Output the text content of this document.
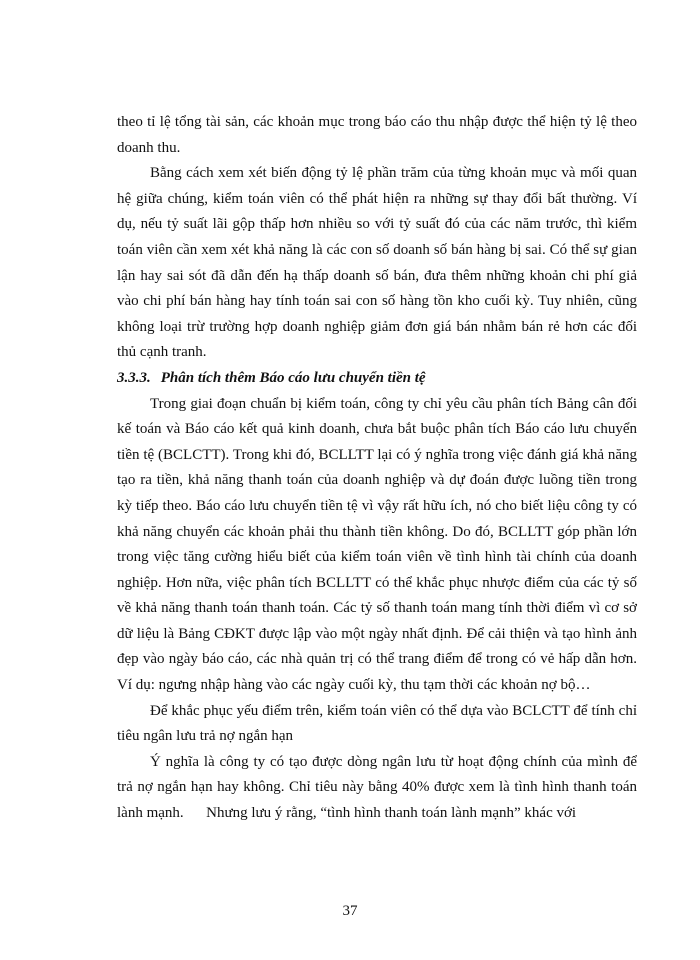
theo tỉ lệ tổng tài sản, các khoản mục trong báo cáo thu nhập được thể hiện tỷ lệ theo doanh thu.

Bằng cách xem xét biến động tỷ lệ phần trăm của từng khoản mục và mối quan hệ giữa chúng, kiểm toán viên có thể phát hiện ra những sự thay đổi bất thường. Ví dụ, nếu tỷ suất lãi gộp thấp hơn nhiều so với tỷ suất đó của các năm trước, thì kiểm toán viên cần xem xét khả năng là các con số doanh số bán hàng bị sai. Có thể sự gian lận hay sai sót đã dẫn đến hạ thấp doanh số bán, đưa thêm những khoản chi phí giả vào chi phí bán hàng hay tính toán sai con số hàng tồn kho cuối kỳ. Tuy nhiên, cũng không loại trừ trường hợp doanh nghiệp giảm đơn giá bán nhằm bán rẻ hơn các đối thủ cạnh tranh.

3.3.3. Phân tích thêm Báo cáo lưu chuyển tiền tệ

Trong giai đoạn chuẩn bị kiểm toán, công ty chỉ yêu cầu phân tích Bảng cân đối kế toán và Báo cáo kết quả kinh doanh, chưa bắt buộc phân tích Báo cáo lưu chuyển tiền tệ (BCLCTT). Trong khi đó, BCLLTT lại có ý nghĩa trong việc đánh giá khả năng tạo ra tiền, khả năng thanh toán của doanh nghiệp và dự đoán được luồng tiền trong kỳ tiếp theo. Báo cáo lưu chuyển tiền tệ vì vậy rất hữu ích, nó cho biết liệu công ty có khả năng chuyển các khoản phải thu thành tiền không. Do đó, BCLLTT góp phần lớn trong việc tăng cường hiểu biết của kiểm toán viên về tình hình tài chính của doanh nghiệp. Hơn nữa, việc phân tích BCLLTT có thể khắc phục nhược điểm của các tỷ số về khả năng thanh toán thanh toán. Các tỷ số thanh toán mang tính thời điểm vì cơ sở dữ liệu là Bảng CĐKT được lập vào một ngày nhất định. Để cải thiện và tạo hình ảnh đẹp vào ngày báo cáo, các nhà quản trị có thể trang điểm để trong có vẻ hấp dẫn hơn. Ví dụ: ngưng nhập hàng vào các ngày cuối kỳ, thu tạm thời các khoản nợ bộ…

Để khắc phục yếu điểm trên, kiểm toán viên có thể dựa vào BCLCTT để tính chỉ tiêu ngân lưu trả nợ ngắn hạn

Ý nghĩa là công ty có tạo được dòng ngân lưu từ hoạt động chính của mình để trả nợ ngắn hạn hay không. Chỉ tiêu này bằng 40% được xem là tình hình thanh toán lành mạnh.      Nhưng lưu ý rằng, “tình hình thanh toán lành mạnh” khác với

37
